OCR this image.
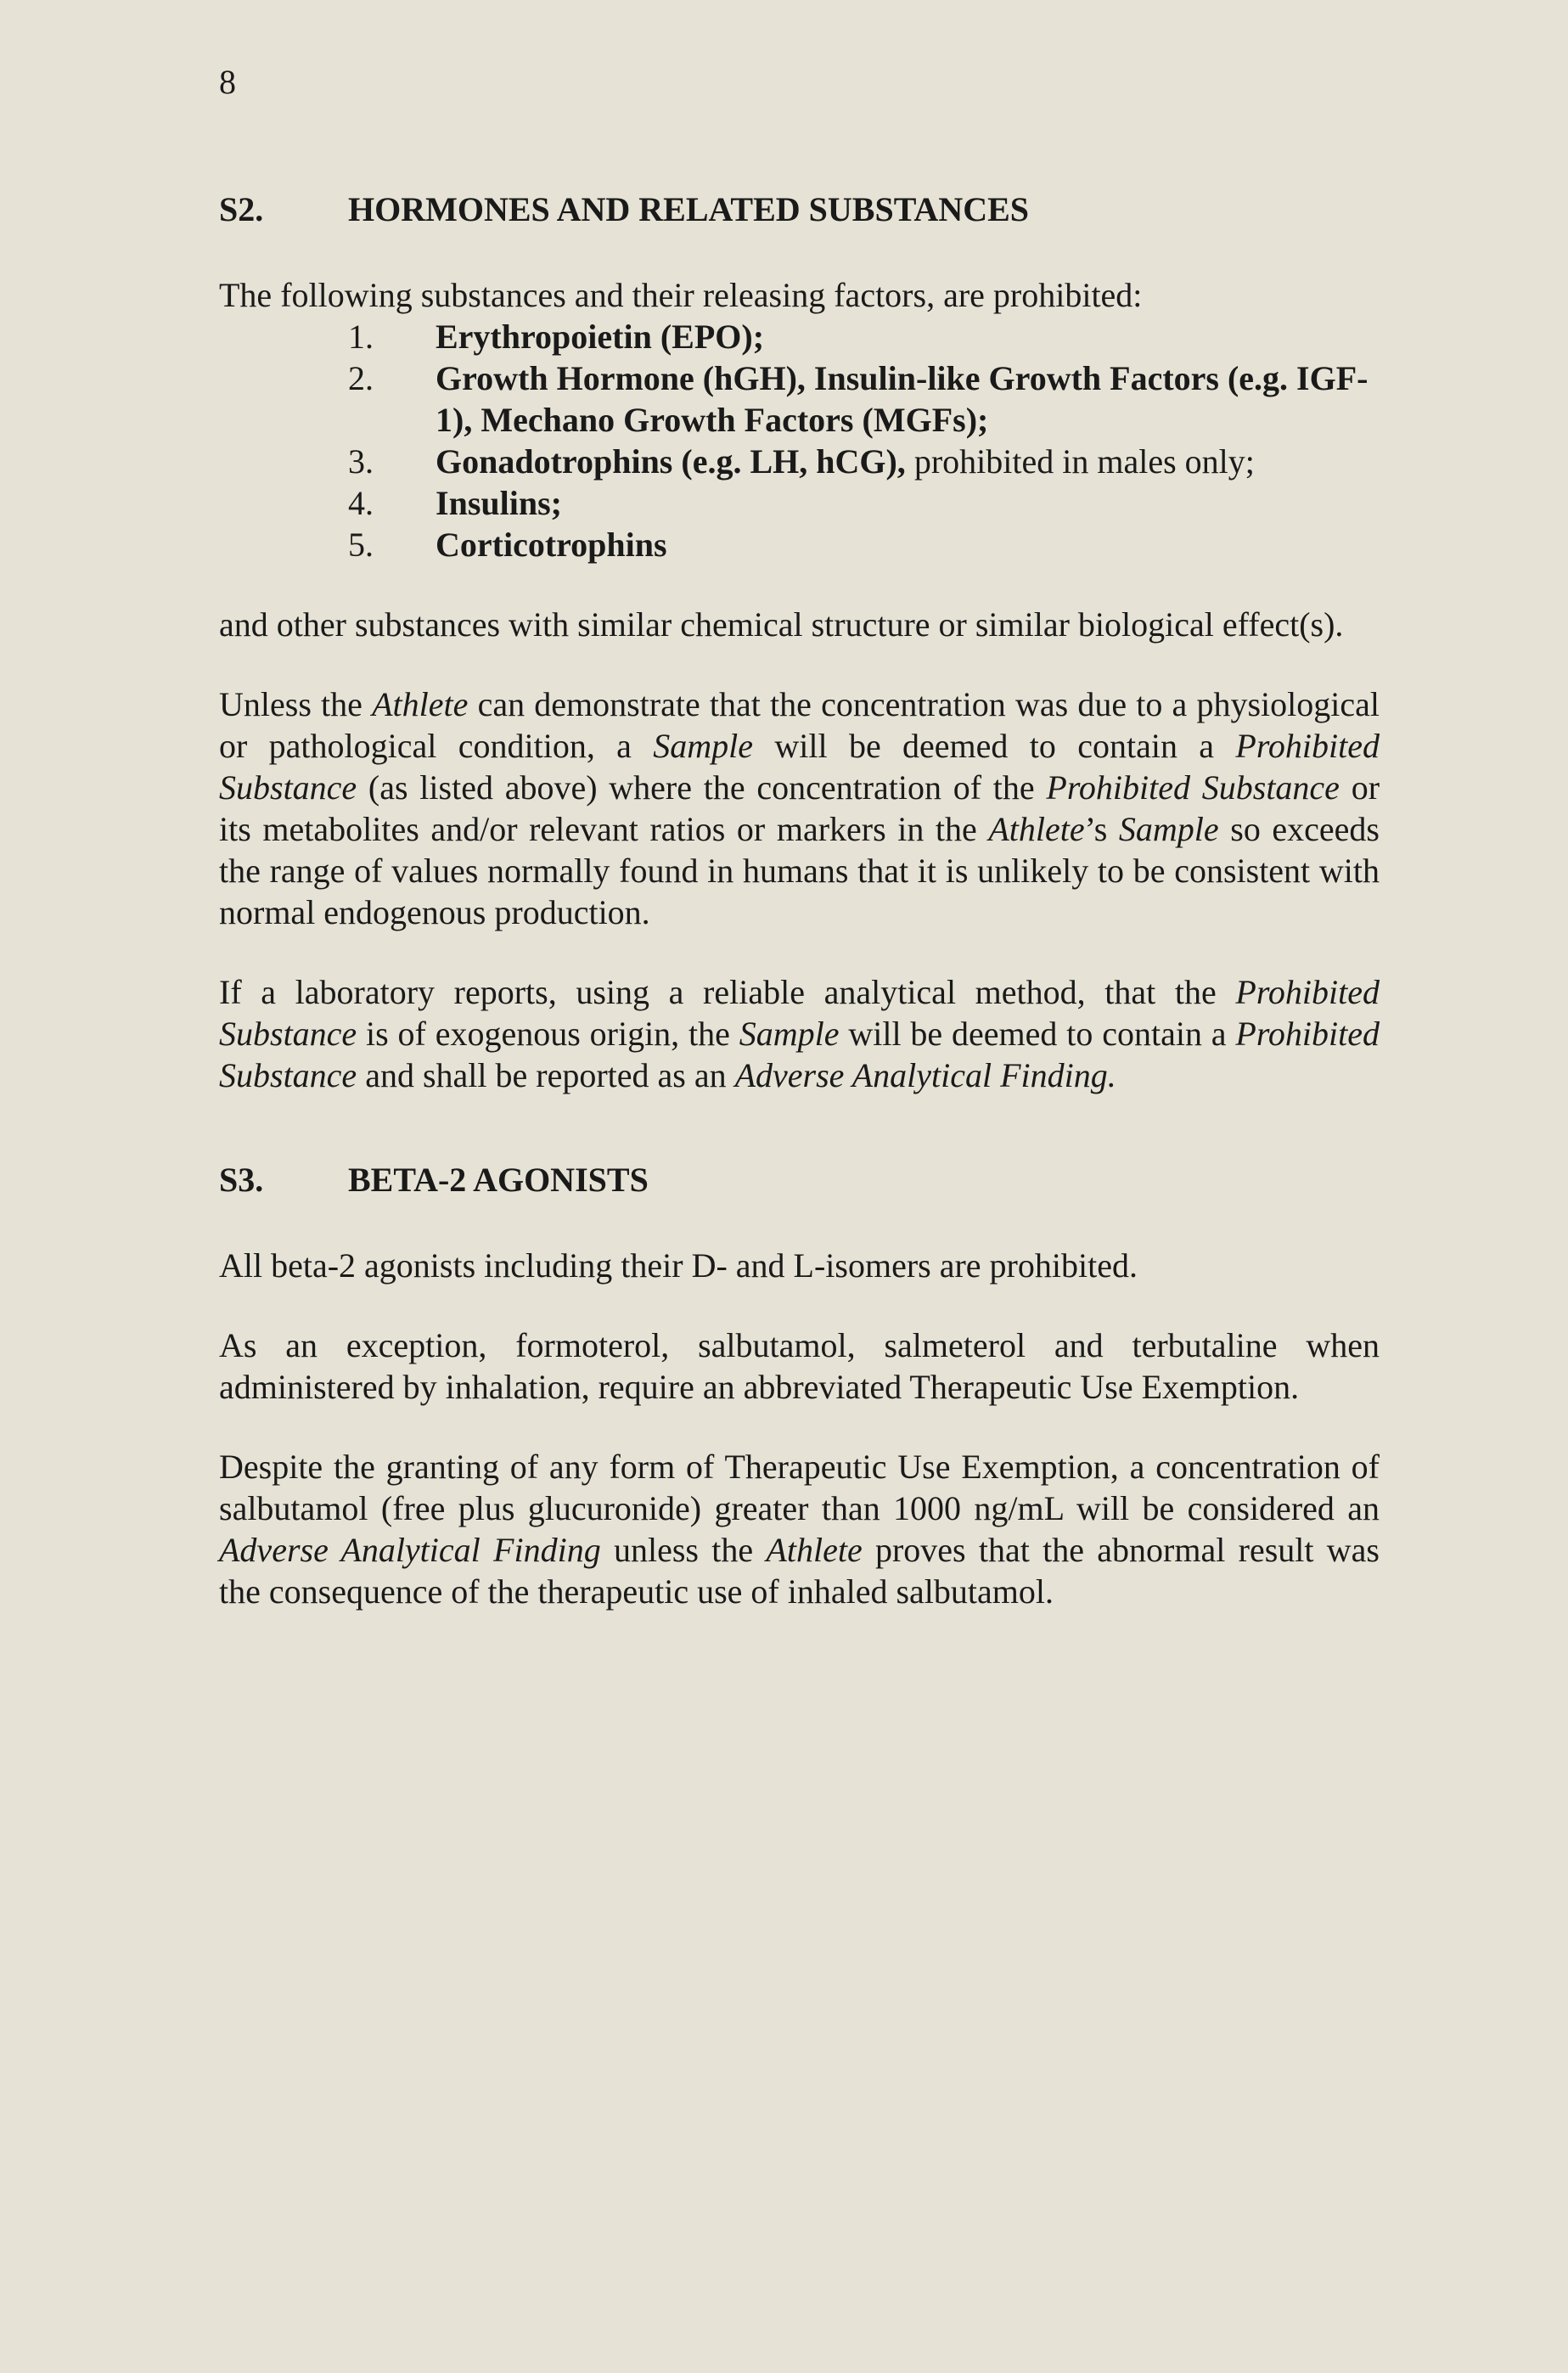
8
S2.	HORMONES AND RELATED SUBSTANCES

The following substances and their releasing factors, are prohibited:

1.	Erythropoietin (EPO);
2.	Growth Hormone (hGH), Insulin-like Growth Factors (e.g. IGF-1), Mechano Growth Factors (MGFs);
3.	Gonadotrophins (e.g. LH, hCG), prohibited in males only;
4.	Insulins;
5.	Corticotrophins

and other substances with similar chemical structure or similar biological effect(s).

Unless the Athlete can demonstrate that the concentration was due to a physiological or pathological condition, a Sample will be deemed to contain a Prohibited Substance (as listed above) where the concentration of the Prohibited Substance or its metabolites and/or relevant ratios or markers in the Athlete’s Sample so exceeds the range of values normally found in humans that it is unlikely to be consistent with normal endogenous production.

If a laboratory reports, using a reliable analytical method, that the Prohibited Substance is of exogenous origin, the Sample will be deemed to contain a Prohibited Substance and shall be reported as an Adverse Analytical Finding.

S3.	BETA-2 AGONISTS

All beta-2 agonists including their D- and L-isomers are prohibited.

As an exception, formoterol, salbutamol, salmeterol and terbutaline when administered by inhalation, require an abbreviated Therapeutic Use Exemption.

Despite the granting of any form of Therapeutic Use Exemption, a concentration of salbutamol (free plus glucuronide) greater than 1000 ng/mL will be considered an Adverse Analytical Finding unless the Athlete proves that the abnormal result was the consequence of the therapeutic use of inhaled salbutamol.
